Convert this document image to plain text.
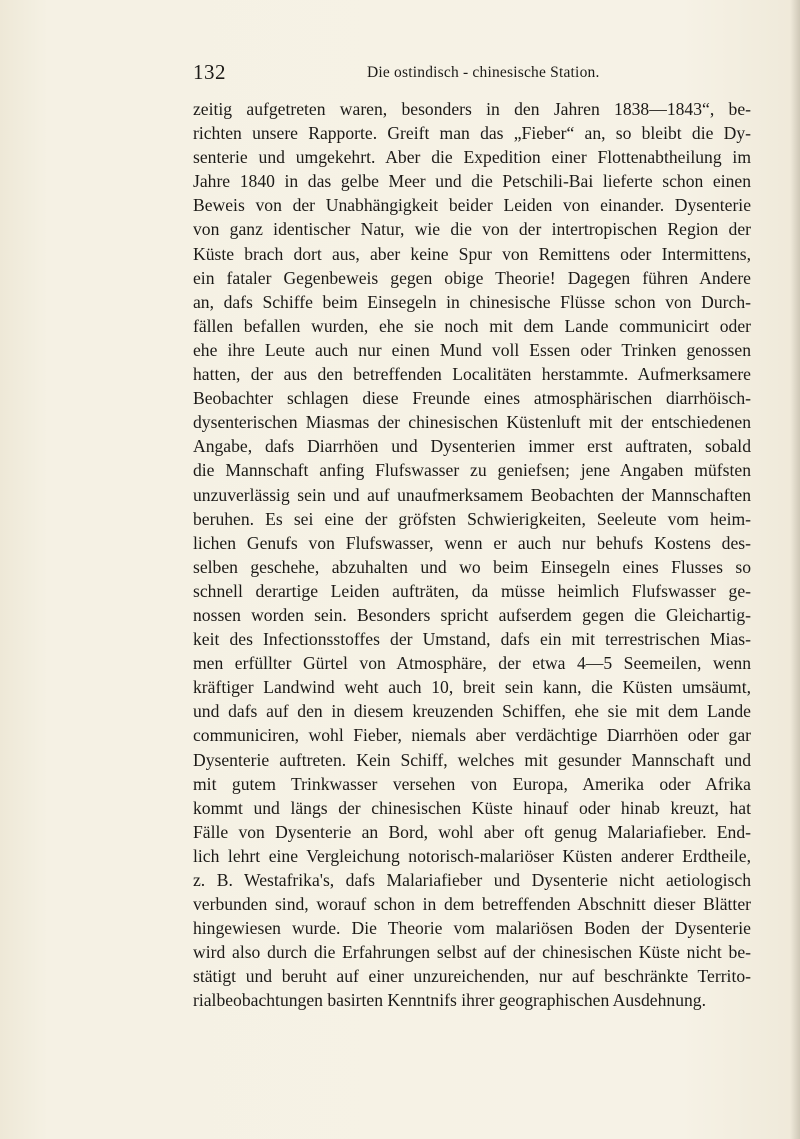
132	Die ostindisch - chinesische Station.
zeitig aufgetreten waren, besonders in den Jahren 1838—1843“, be-
richten unsere Rapporte. Greift man das „Fieber“ an, so bleibt die Dy-
senterie und umgekehrt. Aber die Expedition einer Flottenabtheilung im
Jahre 1840 in das gelbe Meer und die Petschili-Bai lieferte schon einen
Beweis von der Unabhängigkeit beider Leiden von einander. Dysenterie
von ganz identischer Natur, wie die von der intertropischen Region der
Küste brach dort aus, aber keine Spur von Remittens oder Intermittens,
ein fataler Gegenbeweis gegen obige Theorie! Dagegen führen Andere
an, dafs Schiffe beim Einsegeln in chinesische Flüsse schon von Durch-
fällen befallen wurden, ehe sie noch mit dem Lande communicirt oder
ehe ihre Leute auch nur einen Mund voll Essen oder Trinken genossen
hatten, der aus den betreffenden Localitäten herstammte. Aufmerksamere
Beobachter schlagen diese Freunde eines atmosphärischen diarrhöisch-
dysenterischen Miasmas der chinesischen Küstenluft mit der entschiedenen
Angabe, dafs Diarrhöen und Dysenterien immer erst auftraten, sobald
die Mannschaft anfing Flufswasser zu geniefsen; jene Angaben müfsten
unzuverlässig sein und auf unaufmerksamem Beobachten der Mannschaften
beruhen. Es sei eine der gröfsten Schwierigkeiten, Seeleute vom heim-
lichen Genufs von Flufswasser, wenn er auch nur behufs Kostens des-
selben geschehe, abzuhalten und wo beim Einsegeln eines Flusses so
schnell derartige Leiden aufträten, da müsse heimlich Flufswasser ge-
nossen worden sein. Besonders spricht aufserdem gegen die Gleichartig-
keit des Infectionsstoffes der Umstand, dafs ein mit terrestrischen Mias-
men erfüllter Gürtel von Atmosphäre, der etwa 4—5 Seemeilen, wenn
kräftiger Landwind weht auch 10, breit sein kann, die Küsten umsäumt,
und dafs auf den in diesem kreuzenden Schiffen, ehe sie mit dem Lande
communiciren, wohl Fieber, niemals aber verdächtige Diarrhöen oder gar
Dysenterie auftreten. Kein Schiff, welches mit gesunder Mannschaft und
mit gutem Trinkwasser versehen von Europa, Amerika oder Afrika
kommt und längs der chinesischen Küste hinauf oder hinab kreuzt, hat
Fälle von Dysenterie an Bord, wohl aber oft genug Malariafieber. End-
lich lehrt eine Vergleichung notorisch-malariöser Küsten anderer Erdtheile,
z. B. Westafrika's, dafs Malariafieber und Dysenterie nicht aetiologisch
verbunden sind, worauf schon in dem betreffenden Abschnitt dieser Blätter
hingewiesen wurde. Die Theorie vom malariösen Boden der Dysenterie
wird also durch die Erfahrungen selbst auf der chinesischen Küste nicht be-
stätigt und beruht auf einer unzureichenden, nur auf beschränkte Territo-
rialbeobachtungen basirten Kenntnifs ihrer geographischen Ausdehnung.
